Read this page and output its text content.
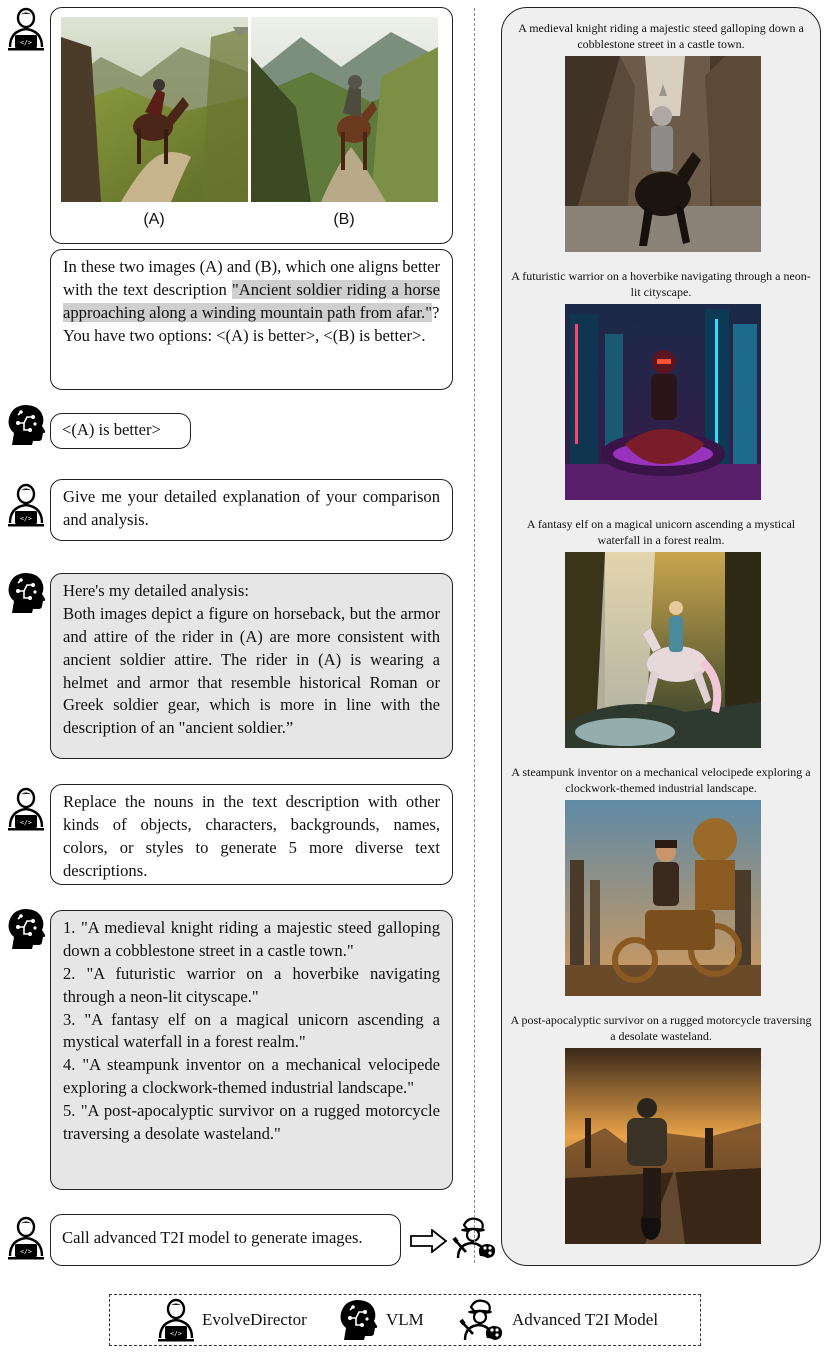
(A)	(B)
In these two images (A) and (B), which one aligns better with the text description "Ancient soldier riding a horse approaching along a winding mountain path from afar."?
You have two options: <(A) is better>, <(B) is better>.
<(A) is better>
Give me your detailed explanation of your comparison and analysis.
Here's my detailed analysis:
Both images depict a figure on horseback, but the armor and attire of the rider in (A) are more consistent with ancient soldier attire. The rider in (A) is wearing a helmet and armor that resemble historical Roman or Greek soldier gear, which is more in line with the description of an "ancient soldier.”
Replace the nouns in the text description with other kinds of objects, characters, backgrounds, names, colors, or styles to generate 5 more diverse text descriptions.
1. "A medieval knight riding a majestic steed galloping down a cobblestone street in a castle town."
2. "A futuristic warrior on a hoverbike navigating through a neon-lit cityscape."
3. "A fantasy elf on a magical unicorn ascending a mystical waterfall in a forest realm."
4. "A steampunk inventor on a mechanical velocipede exploring a clockwork-themed industrial landscape."
5. "A post-apocalyptic survivor on a rugged motorcycle traversing a desolate wasteland."
Call advanced T2I model to generate images.
A medieval knight riding a majestic steed galloping down a cobblestone street in a castle town.
A futuristic warrior on a hoverbike navigating through a neon-lit cityscape.
A fantasy elf on a magical unicorn ascending a mystical waterfall in a forest realm.
A steampunk inventor on a mechanical velocipede exploring a clockwork-themed industrial landscape.
A post-apocalyptic survivor on a rugged motorcycle traversing a desolate wasteland.
EvolveDirector	VLM	Advanced T2I Model
